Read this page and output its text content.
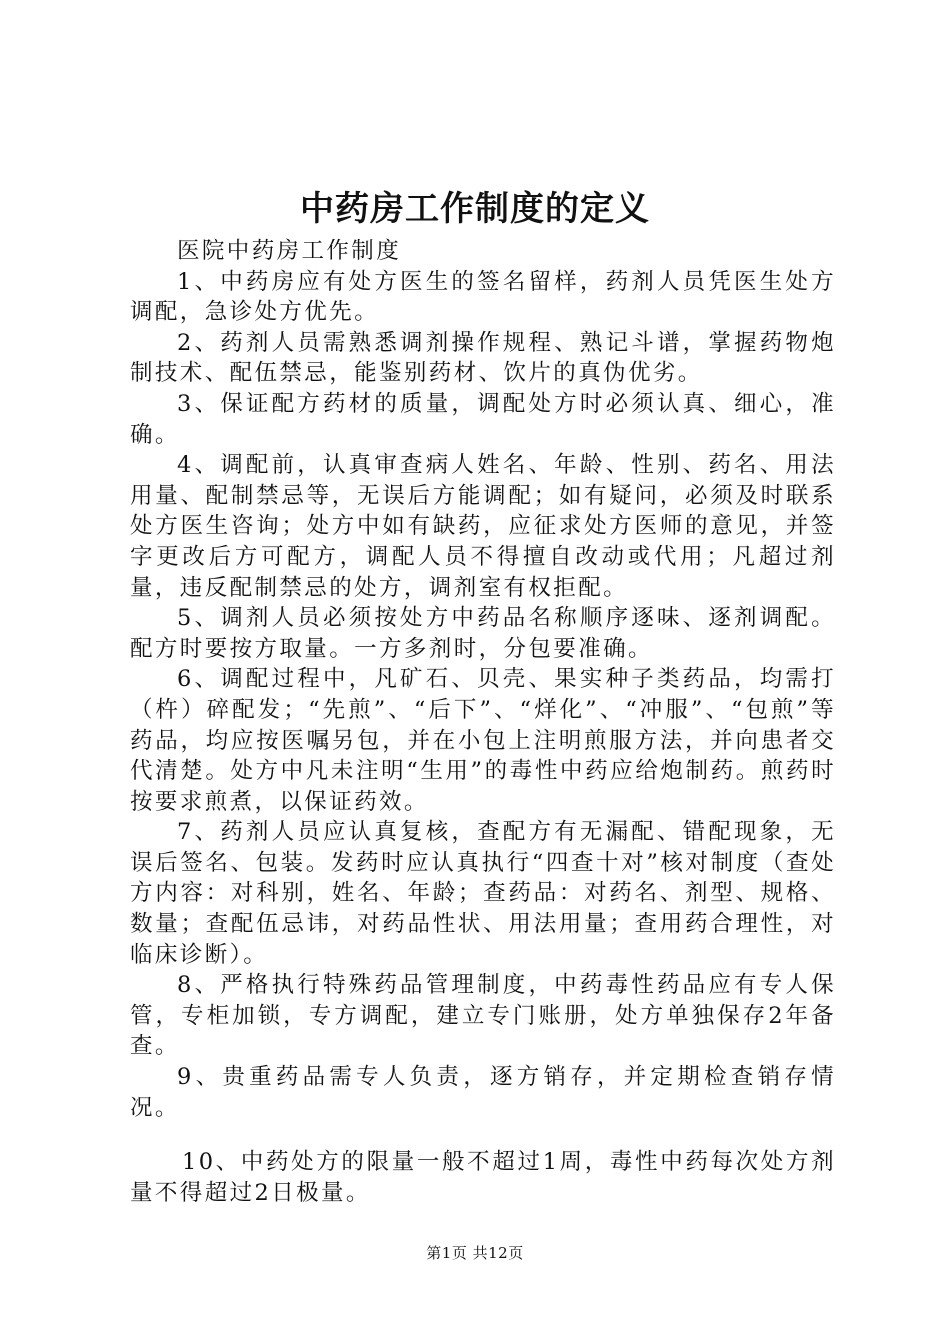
中药房工作制度的定义

医院中药房工作制度

1、中药房应有处方医生的签名留样，药剂人员凭医生处方调配，急诊处方优先。

2、药剂人员需熟悉调剂操作规程、熟记斗谱，掌握药物炮制技术、配伍禁忌，能鉴别药材、饮片的真伪优劣。

3、保证配方药材的质量，调配处方时必须认真、细心，准确。

4、调配前，认真审查病人姓名、年龄、性别、药名、用法用量、配制禁忌等，无误后方能调配；如有疑问，必须及时联系处方医生咨询；处方中如有缺药，应征求处方医师的意见，并签字更改后方可配方，调配人员不得擅自改动或代用；凡超过剂量，违反配制禁忌的处方，调剂室有权拒配。

5、调剂人员必须按处方中药品名称顺序逐味、逐剂调配。配方时要按方取量。一方多剂时，分包要准确。

6、调配过程中，凡矿石、贝壳、果实种子类药品，均需打（杵）碎配发；“先煎”、“后下”、“烊化”、“冲服”、“包煎”等药品，均应按医嘱另包，并在小包上注明煎服方法，并向患者交代清楚。处方中凡未注明“生用”的毒性中药应给炮制药。煎药时按要求煎煮，以保证药效。

7、药剂人员应认真复核，查配方有无漏配、错配现象，无误后签名、包装。发药时应认真执行“四查十对”核对制度（查处方内容：对科别，姓名、年龄；查药品：对药名、剂型、规格、数量；查配伍忌讳，对药品性状、用法用量；查用药合理性，对临床诊断）。

8、严格执行特殊药品管理制度，中药毒性药品应有专人保管，专柜加锁，专方调配，建立专门账册，处方单独保存2年备查。

9、贵重药品需专人负责，逐方销存，并定期检查销存情况。

10、中药处方的限量一般不超过1周，毒性中药每次处方剂量不得超过2日极量。

第1页 共12页
